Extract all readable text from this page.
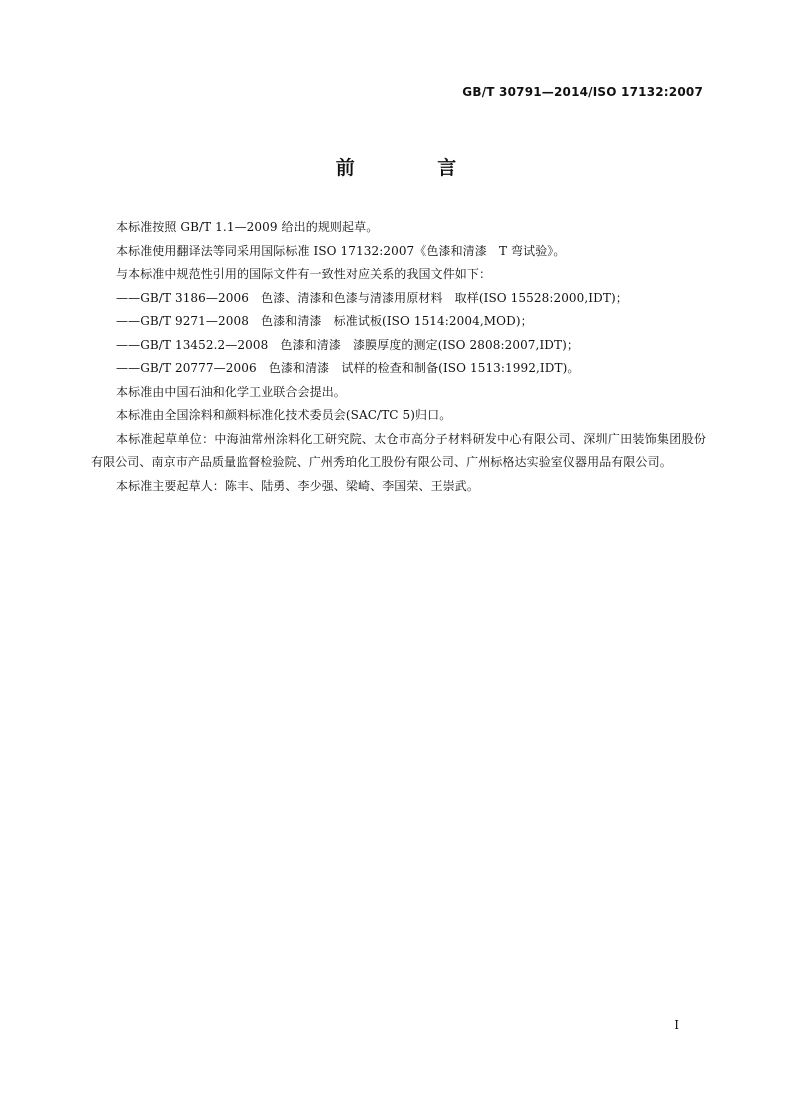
GB/T 30791—2014/ISO 17132:2007
前 言

本标准按照 GB/T 1.1—2009 给出的规则起草。

本标准使用翻译法等同采用国际标准 ISO 17132:2007《色漆和清漆　T 弯试验》。

与本标准中规范性引用的国际文件有一致性对应关系的我国文件如下：

——GB/T 3186—2006　色漆、清漆和色漆与清漆用原材料　取样(ISO 15528:2000,IDT)；

——GB/T 9271—2008　色漆和清漆　标准试板(ISO 1514:2004,MOD)；

——GB/T 13452.2—2008　色漆和清漆　漆膜厚度的测定(ISO 2808:2007,IDT)；

——GB/T 20777—2006　色漆和清漆　试样的检查和制备(ISO 1513:1992,IDT)。

本标准由中国石油和化学工业联合会提出。

本标准由全国涂料和颜料标准化技术委员会(SAC/TC 5)归口。

本标准起草单位：中海油常州涂料化工研究院、太仓市高分子材料研发中心有限公司、深圳广田装饰集团股份有限公司、南京市产品质量监督检验院、广州秀珀化工股份有限公司、广州标格达实验室仪器用品有限公司。

本标准主要起草人：陈丰、陆勇、李少强、梁崎、李国荣、王崇武。

I
